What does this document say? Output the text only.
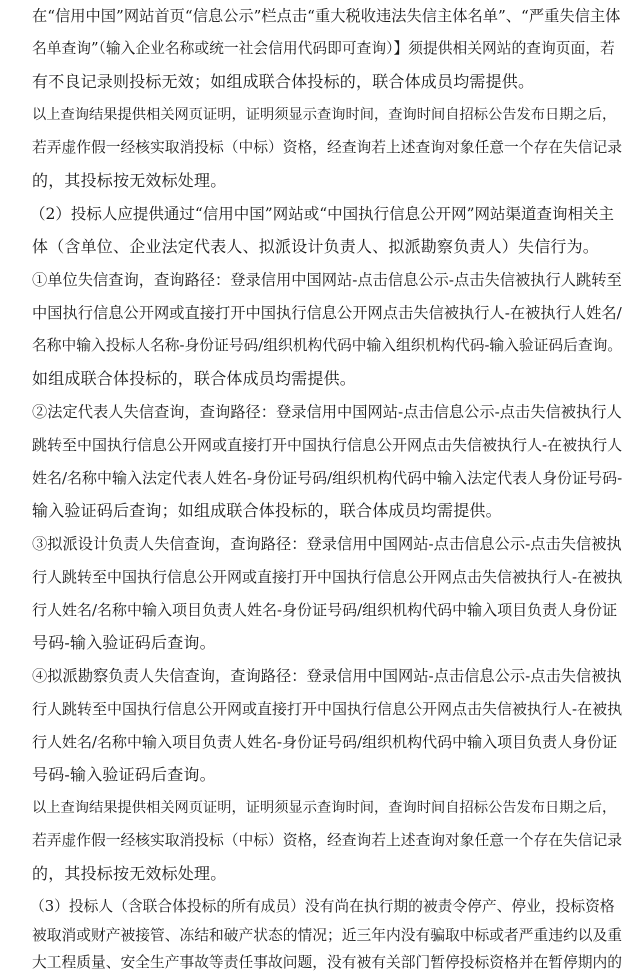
在“信用中国”网站首页“信息公示”栏点击“重大税收违法失信主体名单”、“严重失信主体
名单查询”（输入企业名称或统一社会信用代码即可查询）】须提供相关网站的查询页面，若
有不良记录则投标无效；如组成联合体投标的，联合体成员均需提供。
以上查询结果提供相关网页证明，证明须显示查询时间，查询时间自招标公告发布日期之后，
若弄虚作假一经核实取消投标（中标）资格，经查询若上述查询对象任意一个存在失信记录
的，其投标按无效标处理。
（2）投标人应提供通过“信用中国”网站或“中国执行信息公开网”网站渠道查询相关主
体（含单位、企业法定代表人、拟派设计负责人、拟派勘察负责人）失信行为。
①单位失信查询，查询路径：登录信用中国网站-点击信息公示-点击失信被执行人跳转至
中国执行信息公开网或直接打开中国执行信息公开网点击失信被执行人-在被执行人姓名/
名称中输入投标人名称-身份证号码/组织机构代码中输入组织机构代码-输入验证码后查询。
如组成联合体投标的，联合体成员均需提供。
②法定代表人失信查询，查询路径：登录信用中国网站-点击信息公示-点击失信被执行人
跳转至中国执行信息公开网或直接打开中国执行信息公开网点击失信被执行人-在被执行人
姓名/名称中输入法定代表人姓名-身份证号码/组织机构代码中输入法定代表人身份证号码-
输入验证码后查询；如组成联合体投标的，联合体成员均需提供。
③拟派设计负责人失信查询，查询路径：登录信用中国网站-点击信息公示-点击失信被执
行人跳转至中国执行信息公开网或直接打开中国执行信息公开网点击失信被执行人-在被执
行人姓名/名称中输入项目负责人姓名-身份证号码/组织机构代码中输入项目负责人身份证
号码-输入验证码后查询。
④拟派勘察负责人失信查询，查询路径：登录信用中国网站-点击信息公示-点击失信被执
行人跳转至中国执行信息公开网或直接打开中国执行信息公开网点击失信被执行人-在被执
行人姓名/名称中输入项目负责人姓名-身份证号码/组织机构代码中输入项目负责人身份证
号码-输入验证码后查询。
以上查询结果提供相关网页证明，证明须显示查询时间，查询时间自招标公告发布日期之后，
若弄虚作假一经核实取消投标（中标）资格，经查询若上述查询对象任意一个存在失信记录
的，其投标按无效标处理。
（3）投标人（含联合体投标的所有成员）没有尚在执行期的被责令停产、停业，投标资格
被取消或财产被接管、冻结和破产状态的情况；近三年内没有骗取中标或者严重违约以及重
大工程质量、安全生产事故等责任事故问题，没有被有关部门暂停投标资格并在暂停期内的
